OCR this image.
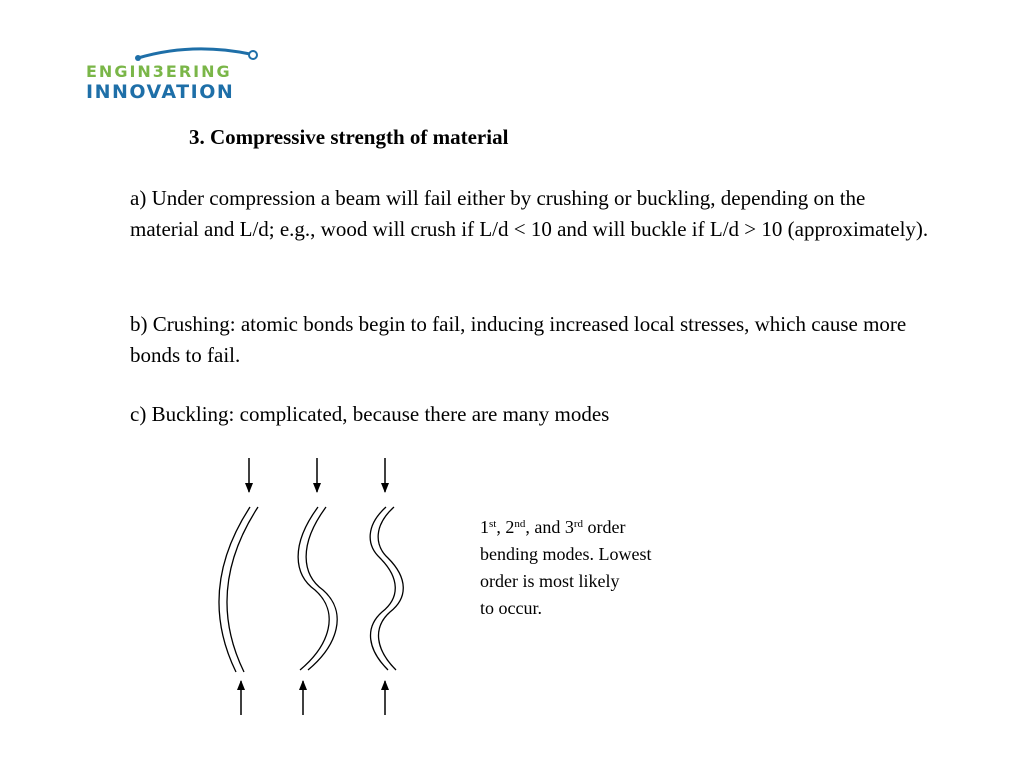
ENGIN3ERING
INNOVATION
3. Compressive strength of material
a) Under compression a beam will fail either by crushing or buckling, depending on the material and L/d; e.g., wood will crush if L/d < 10 and will buckle if L/d > 10 (approximately).
b) Crushing: atomic bonds begin to fail, inducing increased local stresses, which cause more bonds to fail.
c) Buckling: complicated, because there are many modes
1st, 2nd, and 3rd order
bending modes. Lowest
order is most likely
to occur.
